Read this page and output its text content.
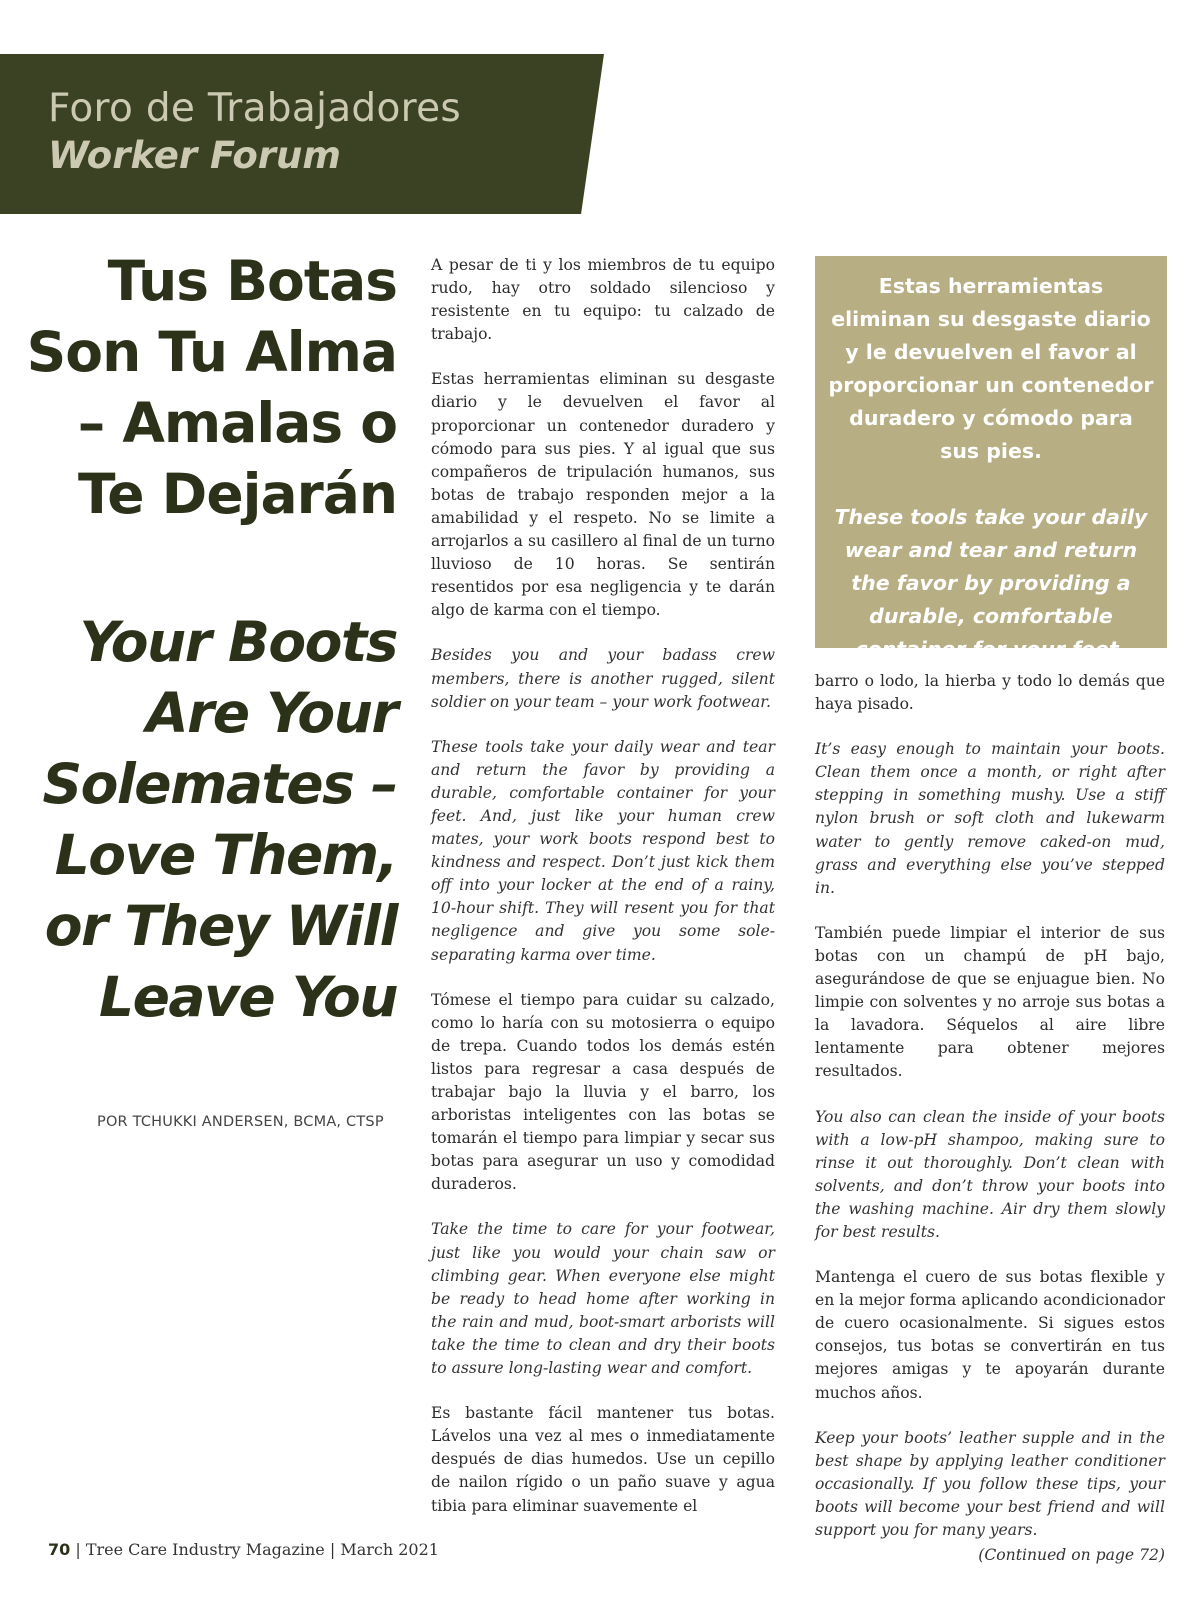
Foro de Trabajadores
Worker Forum
Tus Botas
Son Tu Alma
– Amalas o
Te Dejarán
Your Boots
Are Your
Solemates –
Love Them,
or They Will
Leave You
POR TCHUKKI ANDERSEN, BCMA, CTSP

A pesar de ti y los miembros de tu equipo rudo, hay otro soldado silencioso y resistente en tu equipo: tu calzado de trabajo.

Estas herramientas eliminan su desgaste diario y le devuelven el favor al proporcionar un contenedor duradero y cómodo para sus pies. Y al igual que sus compañeros de tripulación humanos, sus botas de trabajo responden mejor a la amabilidad y el respeto. No se limite a arrojarlos a su casillero al final de un turno lluvioso de 10 horas. Se sentirán resentidos por esa negligencia y te darán algo de karma con el tiempo.

Besides you and your badass crew members, there is another rugged, silent soldier on your team – your work footwear.

These tools take your daily wear and tear and return the favor by providing a durable, comfortable container for your feet. And, just like your human crew mates, your work boots respond best to kindness and respect. Don’t just kick them off into your locker at the end of a rainy, 10-hour shift. They will resent you for that negligence and give you some sole-separating karma over time.

Tómese el tiempo para cuidar su calzado, como lo haría con su motosierra o equipo de trepa. Cuando todos los demás estén listos para regresar a casa después de trabajar bajo la lluvia y el barro, los arboristas inteligentes con las botas se tomarán el tiempo para limpiar y secar sus botas para asegurar un uso y comodidad duraderos.

Take the time to care for your footwear, just like you would your chain saw or climbing gear. When everyone else might be ready to head home after working in the rain and mud, boot-smart arborists will take the time to clean and dry their boots to assure long-lasting wear and comfort.

Es bastante fácil mantener tus botas. Lávelos una vez al mes o inmediatamente después de dias humedos. Use un cepillo de nailon rígido o un paño suave y agua tibia para eliminar suavemente el

Estas herramientas eliminan su desgaste diario y le devuelven el favor al proporcionar un contenedor duradero y cómodo para sus pies.

These tools take your daily wear and tear and return the favor by providing a durable, comfortable container for your feet.

barro o lodo, la hierba y todo lo demás que haya pisado.

It’s easy enough to maintain your boots. Clean them once a month, or right after stepping in something mushy. Use a stiff nylon brush or soft cloth and lukewarm water to gently remove caked-on mud, grass and everything else you’ve stepped in.

También puede limpiar el interior de sus botas con un champú de pH bajo, asegurándose de que se enjuague bien. No limpie con solventes y no arroje sus botas a la lavadora. Séquelos al aire libre lentamente para obtener mejores resultados.

You also can clean the inside of your boots with a low-pH shampoo, making sure to rinse it out thoroughly. Don’t clean with solvents, and don’t throw your boots into the washing machine. Air dry them slowly for best results.

Mantenga el cuero de sus botas flexible y en la mejor forma aplicando acondicionador de cuero ocasionalmente. Si sigues estos consejos, tus botas se convertirán en tus mejores amigas y te apoyarán durante muchos años.

Keep your boots’ leather supple and in the best shape by applying leather conditioner occasionally. If you follow these tips, your boots will become your best friend and will support you for many years.

(Continued on page 72)
70 | Tree Care Industry Magazine | March 2021
